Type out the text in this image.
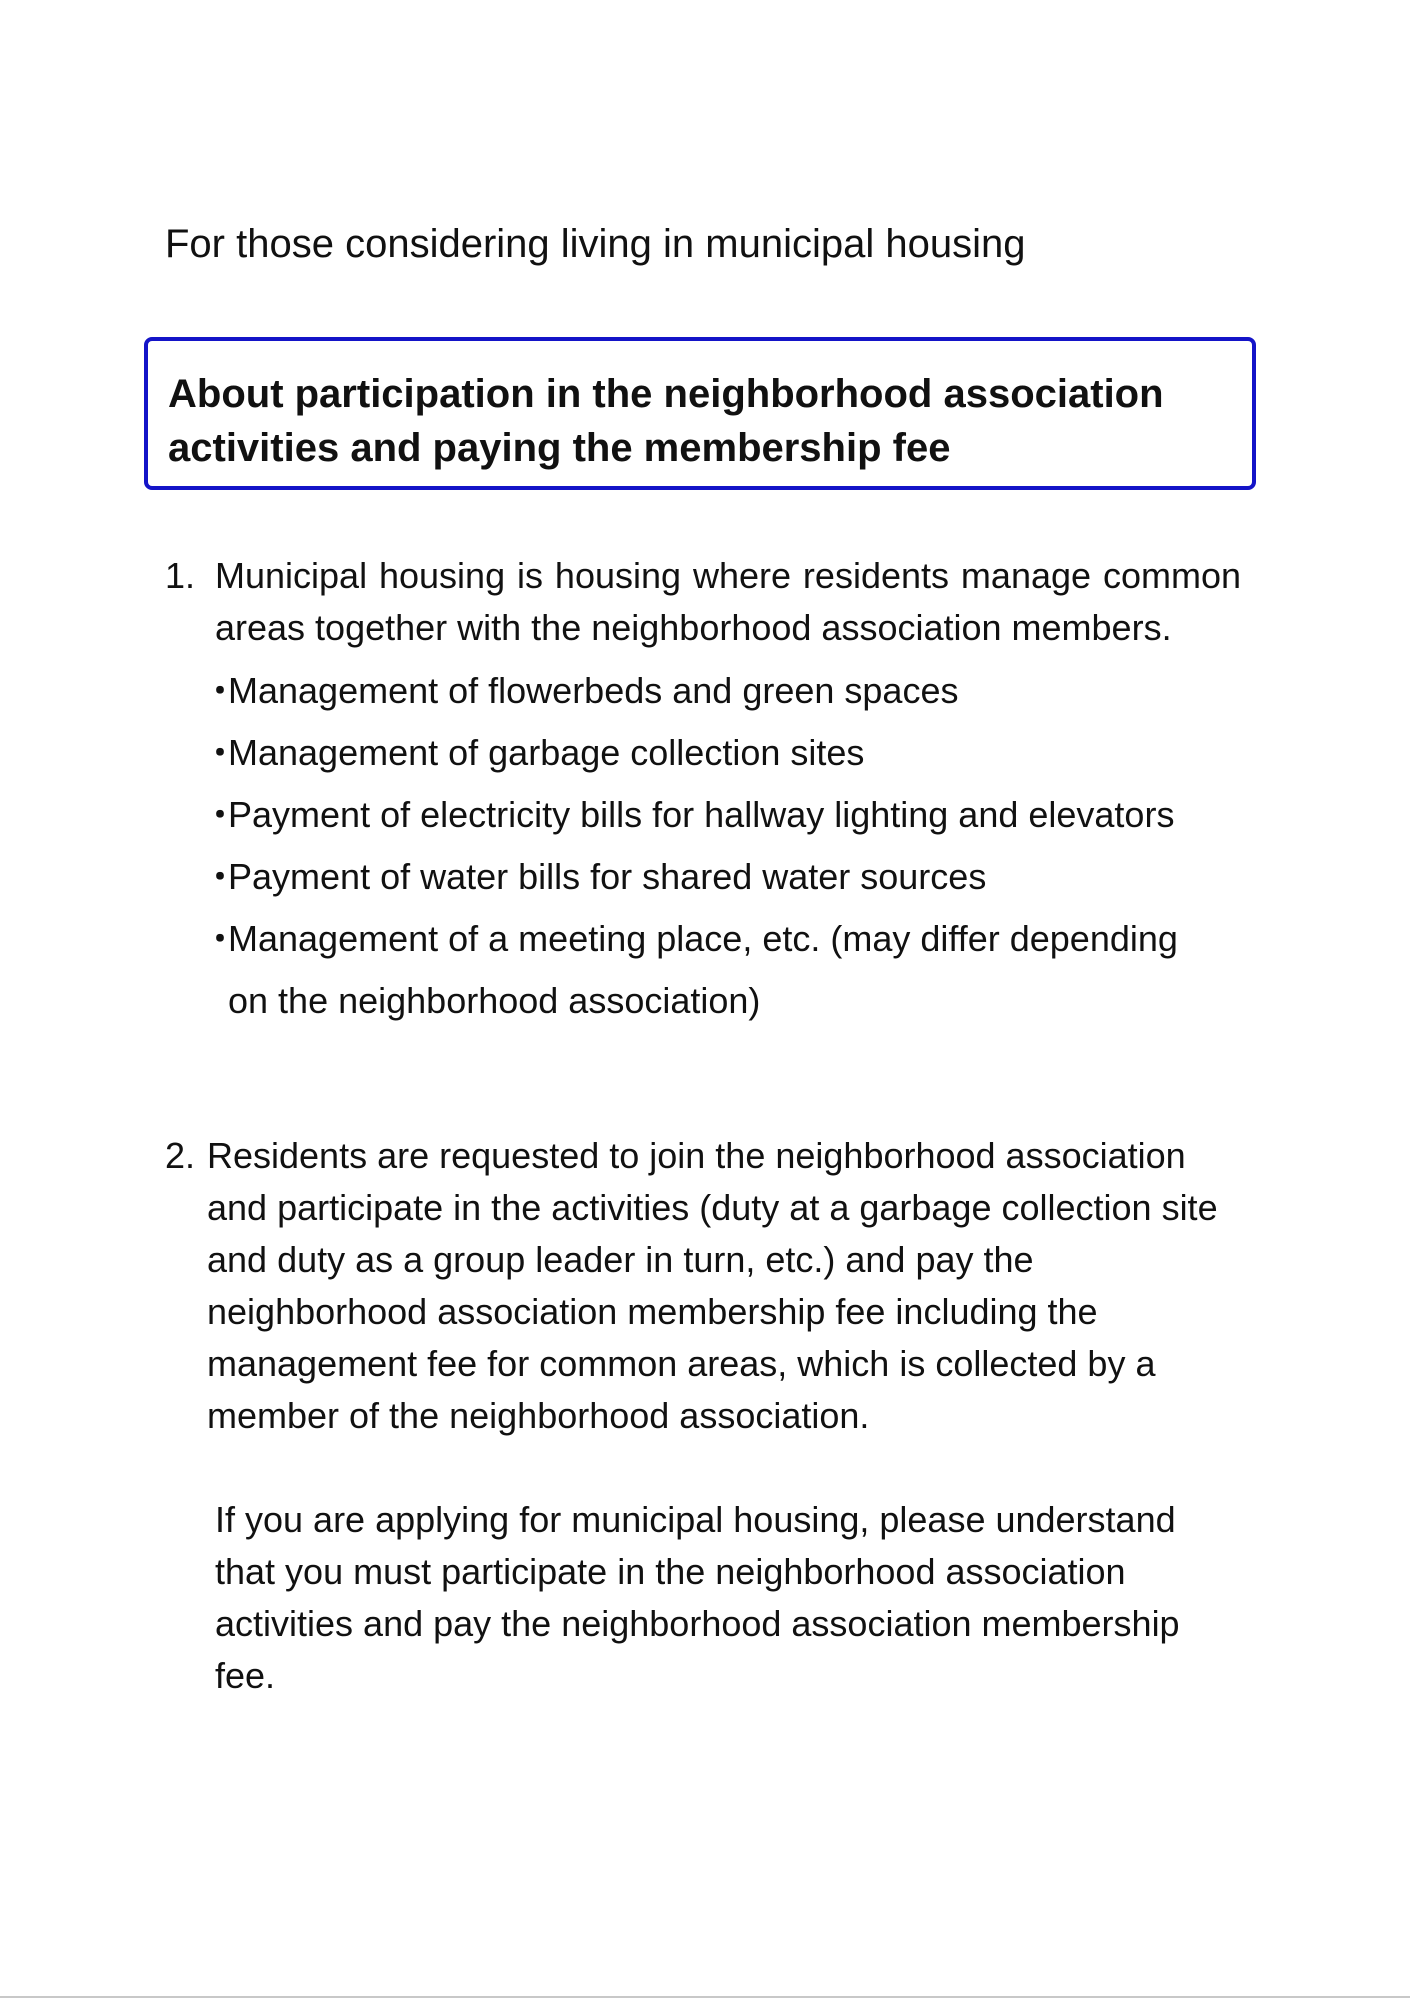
For those considering living in municipal housing
About participation in the neighborhood association
activities and paying the membership fee
1. Municipal housing is housing where residents manage common areas together with the neighborhood association members.
・
Management of flowerbeds and green spaces
・
Management of garbage collection sites
・
Payment of electricity bills for hallway lighting and elevators
・
Payment of water bills for shared water sources
・
Management of a meeting place, etc. (may differ depending on the neighborhood association)
2. Residents are requested to join the neighborhood association and participate in the activities (duty at a garbage collection site and duty as a group leader in turn, etc.) and pay the neighborhood association membership fee including the management fee for common areas, which is collected by a member of the neighborhood association.

If you are applying for municipal housing, please understand that you must participate in the neighborhood association activities and pay the neighborhood association membership fee.
